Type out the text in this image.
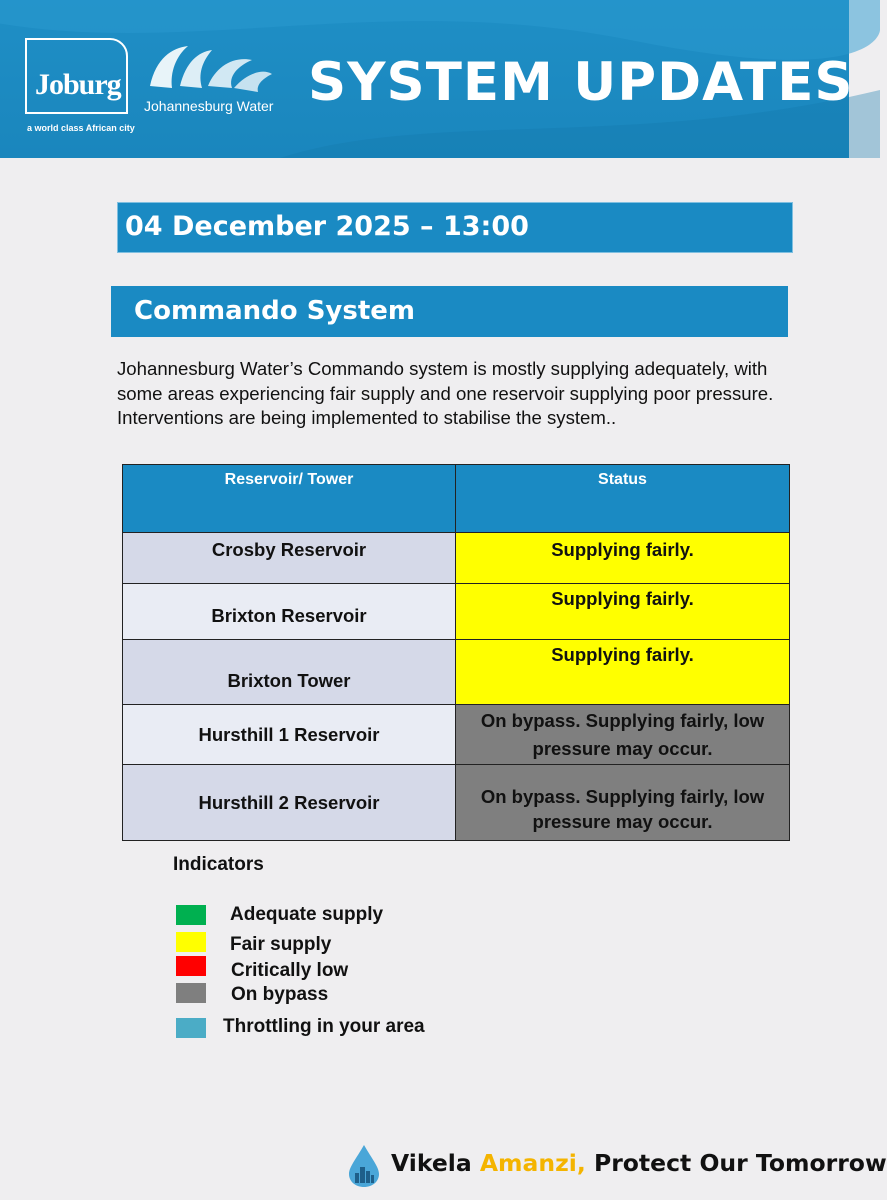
Joburg
a world class African city
Johannesburg Water SYSTEM UPDATES
04 December 2025 – 13:00
Commando System
Johannesburg Water’s Commando system is mostly supplying adequately, with some areas experiencing fair supply and one reservoir supplying poor pressure. Interventions are being implemented to stabilise the system..
Reservoir/ Tower	Status
Crosby Reservoir	Supplying fairly.
Brixton Reservoir	Supplying fairly.
Brixton Tower	Supplying fairly.
Hursthill 1 Reservoir	On bypass. Supplying fairly, low pressure may occur.
Hursthill 2 Reservoir	On bypass. Supplying fairly, low pressure may occur.
Indicators
Adequate supply
Fair supply
Critically low
On bypass
Throttling in your area
Vikela Amanzi, Protect Our Tomorrow
